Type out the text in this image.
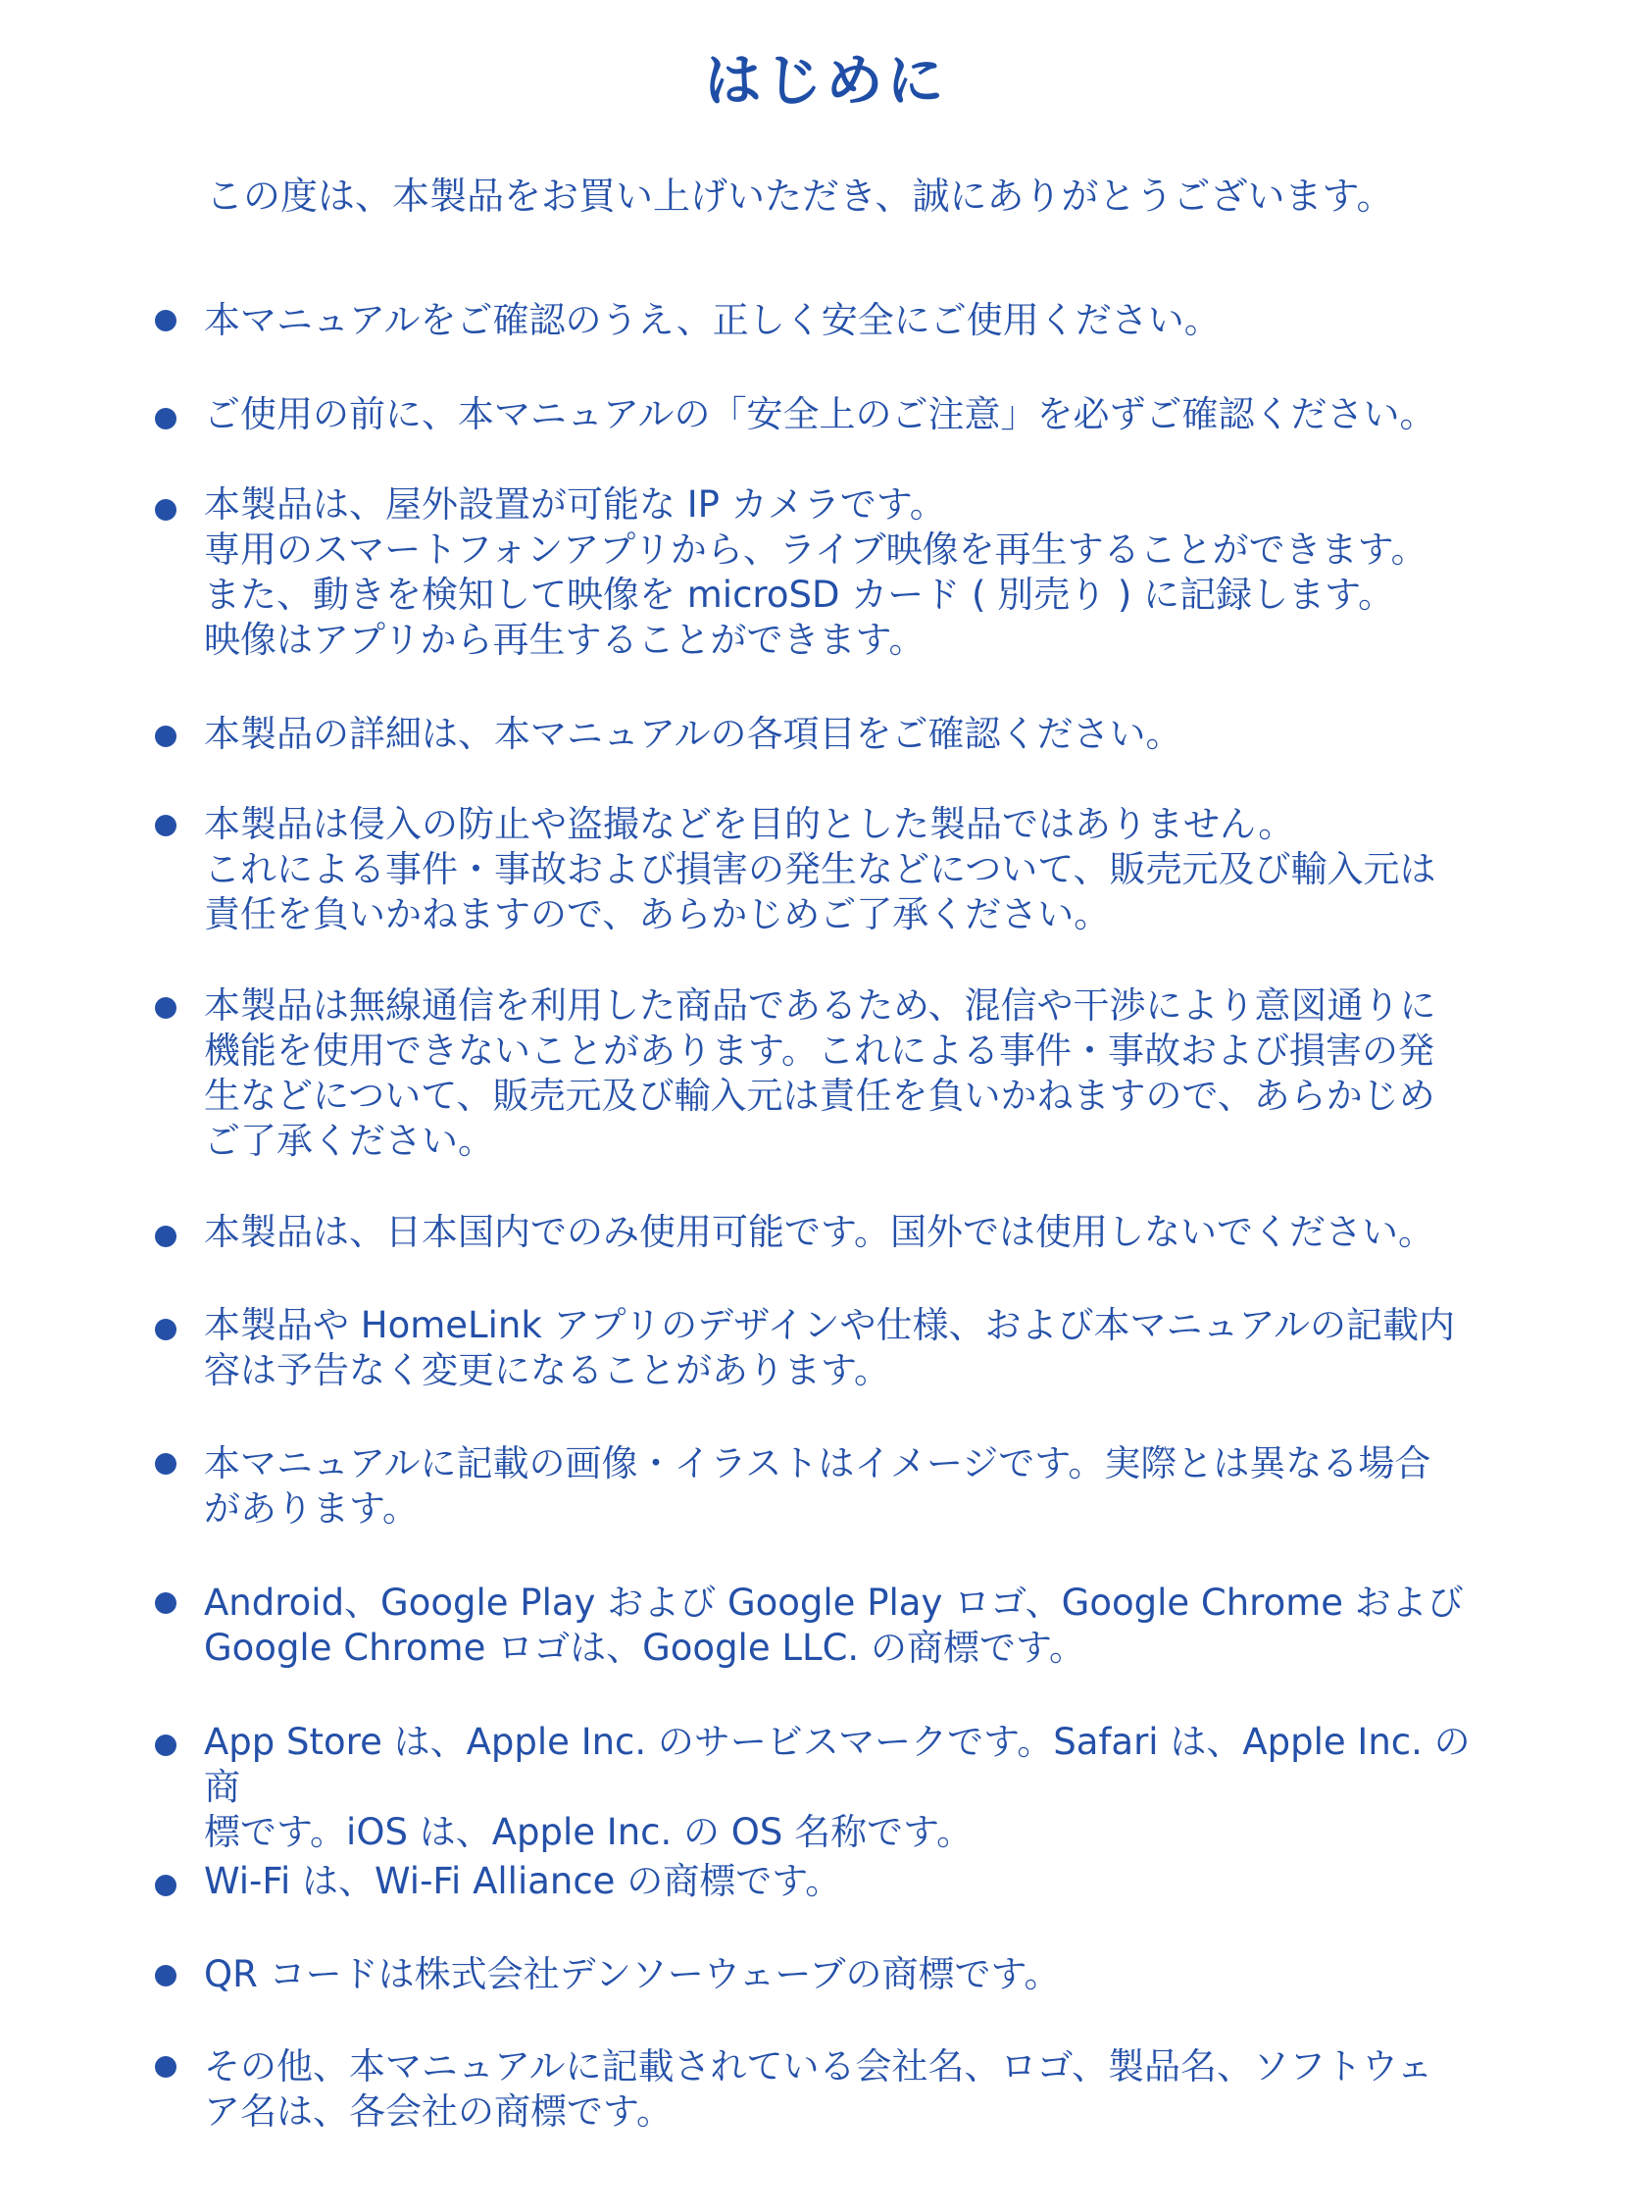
はじめに

この度は、本製品をお買い上げいただき、誠にありがとうございます。

本マニュアルをご確認のうえ、正しく安全にご使用ください。

ご使用の前に、本マニュアルの「安全上のご注意」を必ずご確認ください。

本製品は、屋外設置が可能な IP カメラです。
専用のスマートフォンアプリから、ライブ映像を再生することができます。
また、動きを検知して映像を microSD カード ( 別売り ) に記録します。
映像はアプリから再生することができます。

本製品の詳細は、本マニュアルの各項目をご確認ください。

本製品は侵入の防止や盗撮などを目的とした製品ではありません。
これによる事件・事故および損害の発生などについて、販売元及び輸入元は
責任を負いかねますので、あらかじめご了承ください。

本製品は無線通信を利用した商品であるため、混信や干渉により意図通りに
機能を使用できないことがあります。これによる事件・事故および損害の発
生などについて、販売元及び輸入元は責任を負いかねますので、あらかじめ
ご了承ください。

本製品は、日本国内でのみ使用可能です。国外では使用しないでください。

本製品や HomeLink アプリのデザインや仕様、および本マニュアルの記載内
容は予告なく変更になることがあります。

本マニュアルに記載の画像・イラストはイメージです。実際とは異なる場合
があります。

Android、Google Play および Google Play ロゴ、Google Chrome および
Google Chrome ロゴは、Google LLC. の商標です。

App Store は、Apple Inc. のサービスマークです。Safari は、Apple Inc. の商
標です。iOS は、Apple Inc. の OS 名称です。

Wi-Fi は、Wi-Fi Alliance の商標です。

QR コードは株式会社デンソーウェーブの商標です。

その他、本マニュアルに記載されている会社名、ロゴ、製品名、ソフトウェ
ア名は、各会社の商標です。
